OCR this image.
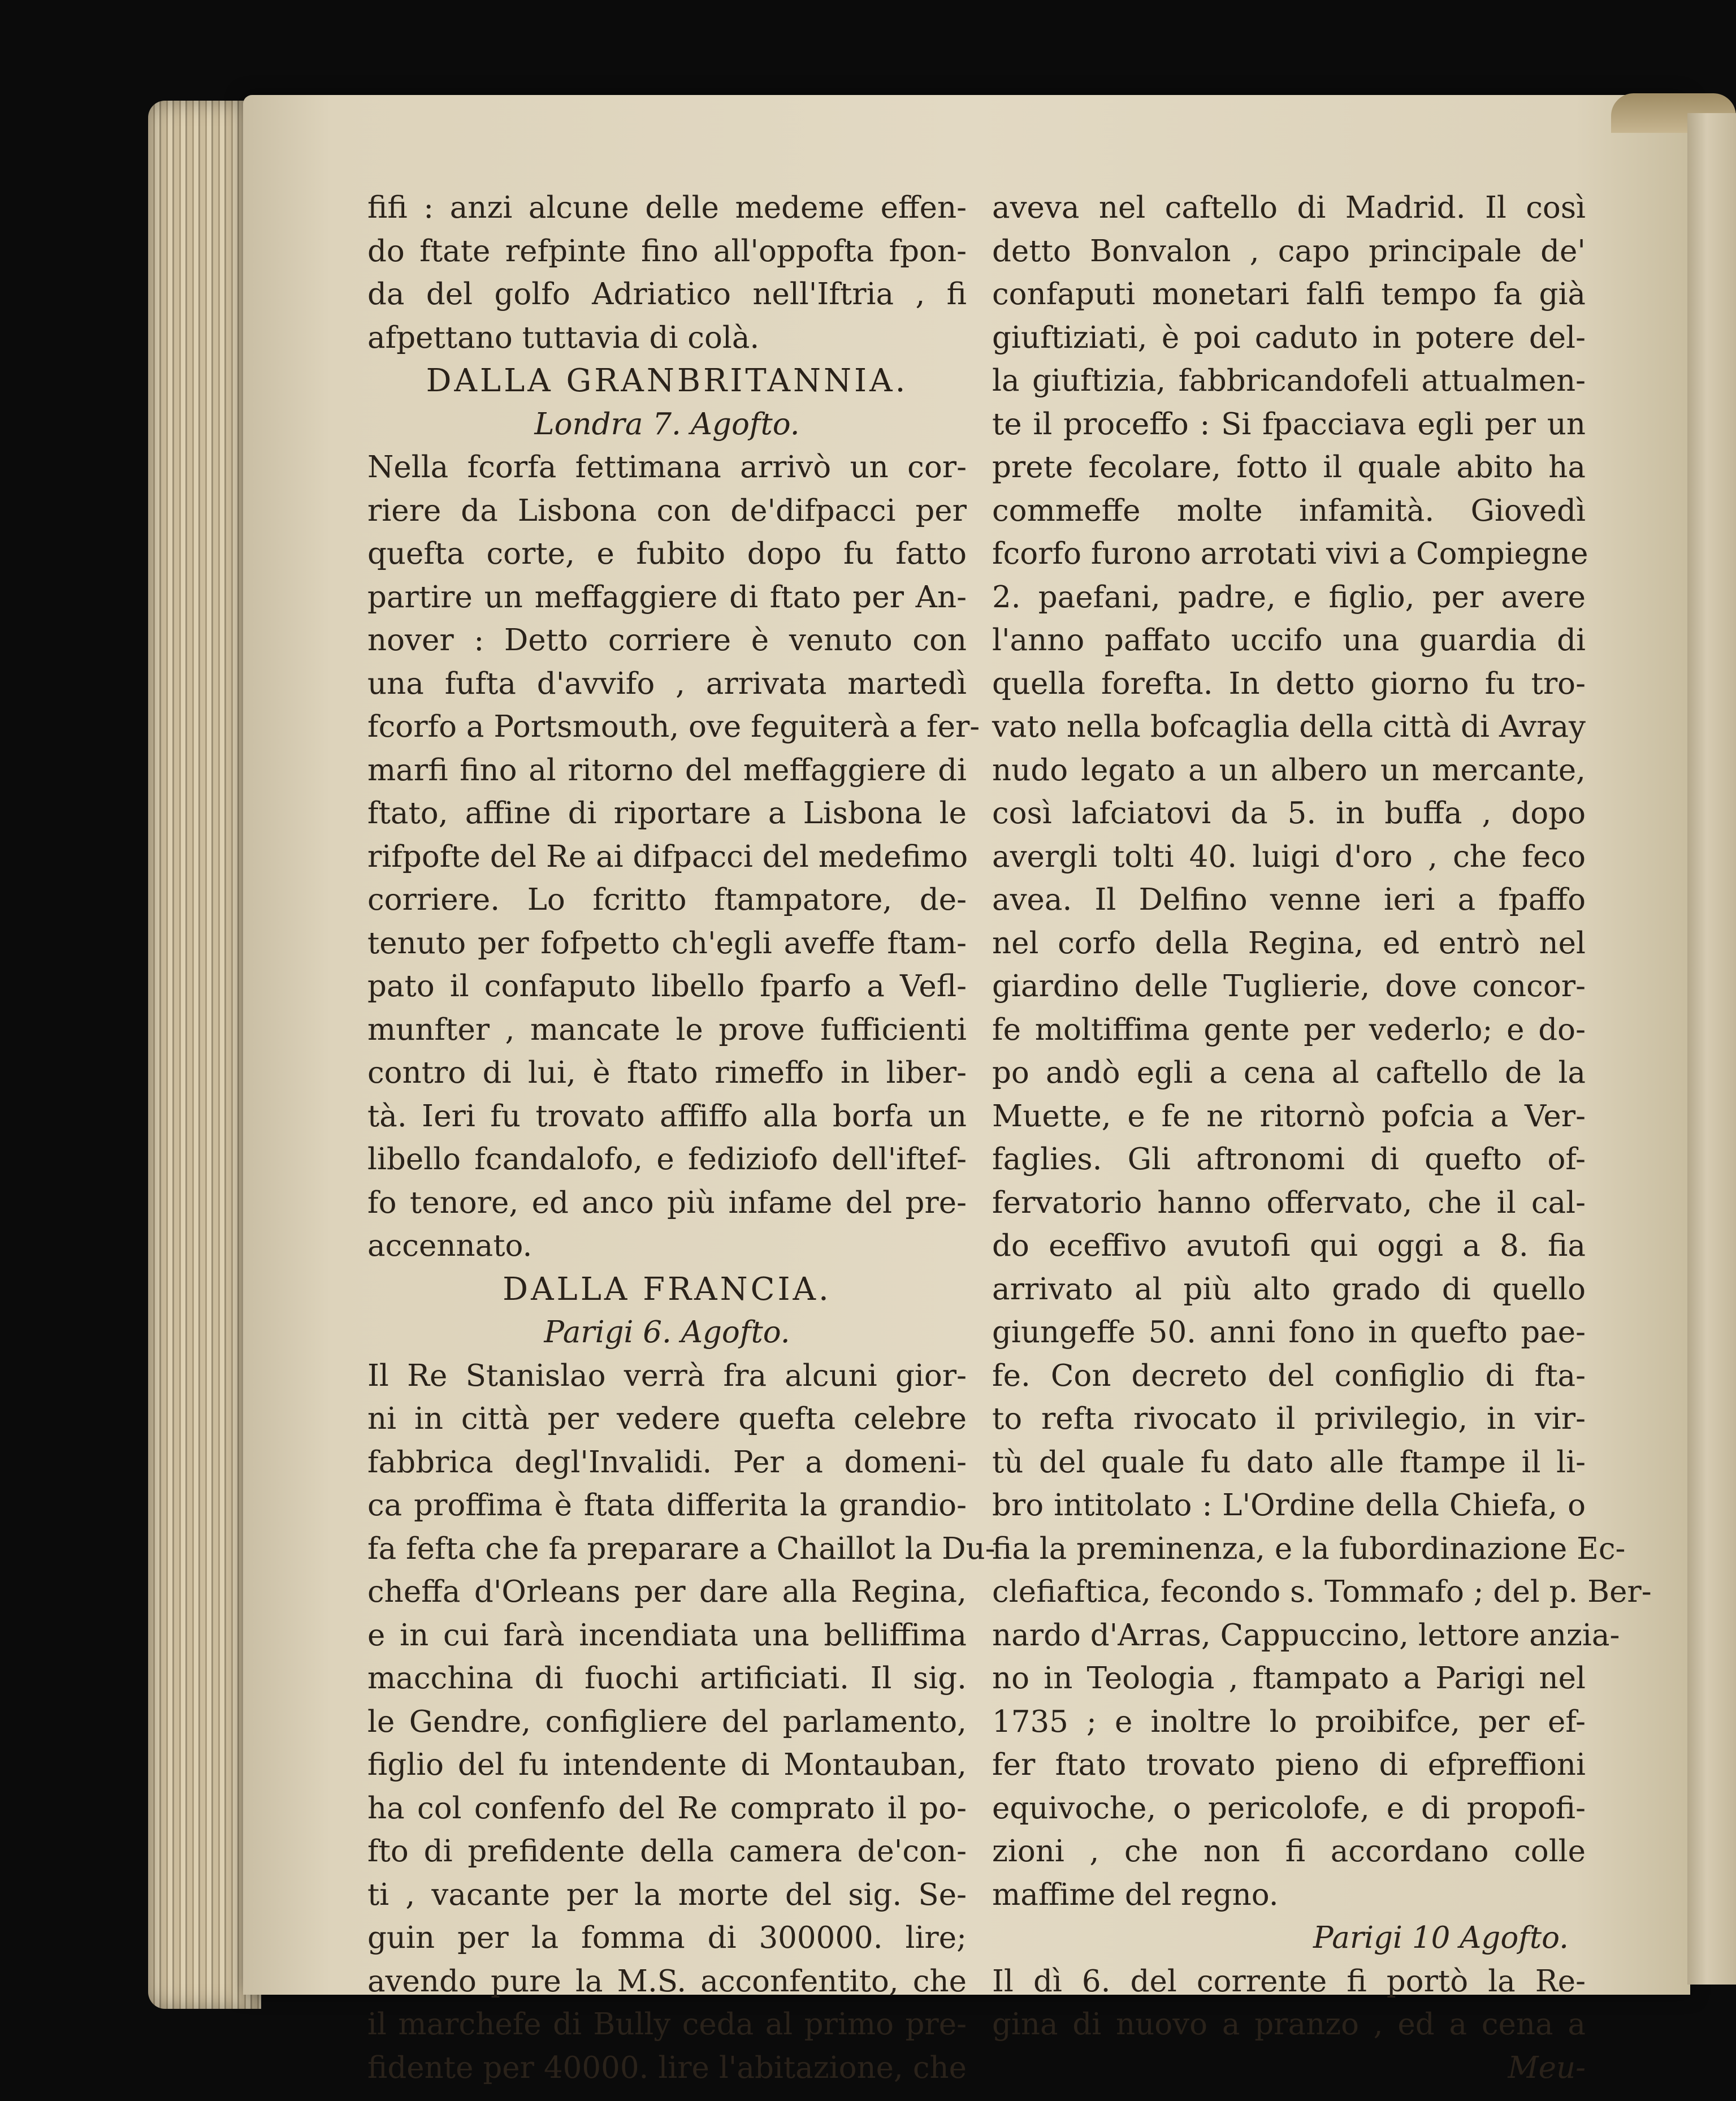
fifi : anzi alcune delle medeme effen-
do ftate refpinte fino all'oppofta fpon-
da del golfo Adriatico nell'Iftria , fi
afpettano tuttavia di colà.
DALLA GRANBRITANNIA.
Londra 7. Agofto.
Nella fcorfa fettimana arrivò un cor-
riere da Lisbona con de'difpacci per
quefta corte, e fubito dopo fu fatto
partire un meffaggiere di ftato per An-
nover : Detto corriere è venuto con
una fufta d'avvifo , arrivata martedì
fcorfo a Portsmouth, ove feguiterà a fer-
marfi fino al ritorno del meffaggiere di
ftato, affine di riportare a Lisbona le
rifpofte del Re ai difpacci del medefimo
corriere. Lo fcritto ftampatore, de-
tenuto per fofpetto ch'egli aveffe ftam-
pato il confaputo libello fparfo a Vefl-
munfter , mancate le prove fufficienti
contro di lui, è ftato rimeffo in liber-
tà. Ieri fu trovato affiffo alla borfa un
libello fcandalofo, e fediziofo dell'iftef-
fo tenore, ed anco più infame del pre-
accennato.
DALLA FRANCIA.
Parigi 6. Agofto.
Il Re Stanislao verrà fra alcuni gior-
ni in città per vedere quefta celebre
fabbrica degl'Invalidi. Per a domeni-
ca proffima è ftata differita la grandio-
fa fefta che fa preparare a Chaillot la Du-
cheffa d'Orleans per dare alla Regina,
e in cui farà incendiata una belliffima
macchina di fuochi artificiati. Il sig.
le Gendre, configliere del parlamento,
figlio del fu intendente di Montauban,
ha col confenfo del Re comprato il po-
fto di prefidente della camera de'con-
ti , vacante per la morte del sig. Se-
guin per la fomma di 300000. lire;
avendo pure la M.S. acconfentito, che
il marchefe di Bully ceda al primo pre-
fidente per 40000. lire l'abitazione, che
aveva nel caftello di Madrid. Il così
detto Bonvalon , capo principale de'
confaputi monetari falfi tempo fa già
giuftiziati, è poi caduto in potere del-
la giuftizia, fabbricandofeli attualmen-
te il proceffo : Si fpacciava egli per un
prete fecolare, fotto il quale abito ha
commeffe molte infamità. Giovedì
fcorfo furono arrotati vivi a Compiegne
2. paefani, padre, e figlio, per avere
l'anno paffato uccifo una guardia di
quella forefta. In detto giorno fu tro-
vato nella bofcaglia della città di Avray
nudo legato a un albero un mercante,
così lafciatovi da 5. in buffa , dopo
avergli tolti 40. luigi d'oro , che feco
avea. Il Delfino venne ieri a fpaffo
nel corfo della Regina, ed entrò nel
giardino delle Tuglierie, dove concor-
fe moltiffima gente per vederlo; e do-
po andò egli a cena al caftello de la
Muette, e fe ne ritornò pofcia a Ver-
faglies. Gli aftronomi di quefto of-
fervatorio hanno offervato, che il cal-
do eceffivo avutofi qui oggi a 8. fia
arrivato al più alto grado di quello
giungeffe 50. anni fono in quefto pae-
fe. Con decreto del configlio di fta-
to refta rivocato il privilegio, in vir-
tù del quale fu dato alle ftampe il li-
bro intitolato : L'Ordine della Chiefa, o
fia la preminenza, e la fubordinazione Ec-
clefiaftica, fecondo s. Tommafo ; del p. Ber-
nardo d'Arras, Cappuccino, lettore anzia-
no in Teologia , ftampato a Parigi nel
1735 ; e inoltre lo proibifce, per ef-
fer ftato trovato pieno di efpreffioni
equivoche, o pericolofe, e di propofi-
zioni , che non fi accordano colle
maffime del regno.
Parigi 10 Agofto.
Il dì 6. del corrente fi portò la Re-
gina di nuovo a pranzo , ed a cena a
Meu-
